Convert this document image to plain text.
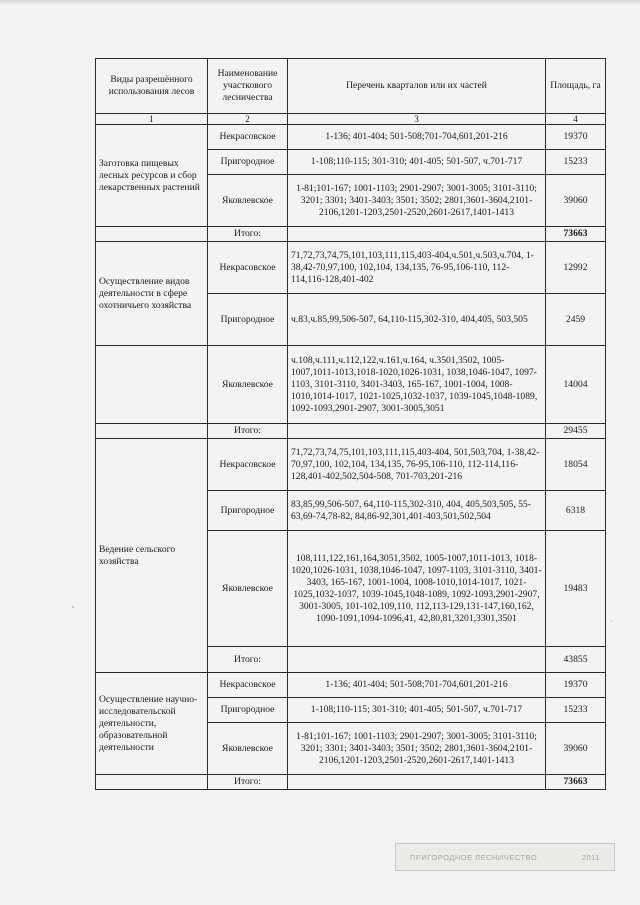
Виды разрешённого использования лесов	Наименование участкового лесничества	Перечень кварталов или их частей	Площадь, га
1	2	3	4
Заготовка пищевых лесных ресурсов и сбор лекарственных растений	Некрасовское	1-136; 401-404; 501-508;701-704,601,201-216	19370
	Пригородное	1-108;110-115; 301-310; 401-405; 501-507, ч.701-717	15233
	Яковлевское	1-81;101-167; 1001-1103; 2901-2907; 3001-3005; 3101-3110; 3201; 3301; 3401-3403; 3501; 3502; 2801,3601-3604,2101-2106,1201-1203,2501-2520,2601-2617,1401-1413	39060
	Итого:		73663
Осуществление видов деятельности в сфере охотничьего хозяйства	Некрасовское	71,72,73,74,75,101,103,111,115,403-404,ч.501,ч.503,ч.704, 1-38,42-70,97,100, 102,104, 134,135, 76-95,106-110, 112-114,116-128,401-402	12992
	Пригородное	ч.83,ч.85,99,506-507, 64,110-115,302-310, 404,405, 503,505	2459
	Яковлевское	ч.108,ч.111,ч.112,122,ч.161,ч.164, ч.3501,3502, 1005-1007,1011-1013,1018-1020,1026-1031, 1038,1046-1047, 1097-1103, 3101-3110, 3401-3403, 165-167, 1001-1004, 1008-1010,1014-1017, 1021-1025,1032-1037, 1039-1045,1048-1089, 1092-1093,2901-2907, 3001-3005,3051	14004
	Итого:		29455
Ведение сельского хозяйства	Некрасовское	71,72,73,74,75,101,103,111,115,403-404, 501,503,704, 1-38,42-70,97,100, 102,104, 134,135, 76-95,106-110, 112-114,116-128,401-402,502,504-508, 701-703,201-216	18054
	Пригородное	83,85,99,506-507, 64,110-115,302-310, 404, 405,503,505, 55-63,69-74,78-82, 84,86-92,301,401-403,501,502,504	6318
	Яковлевское	108,111,122,161,164,3051,3502, 1005-1007,1011-1013, 1018-1020,1026-1031, 1038,1046-1047, 1097-1103, 3101-3110, 3401-3403, 165-167, 1001-1004, 1008-1010,1014-1017, 1021-1025,1032-1037, 1039-1045,1048-1089, 1092-1093,2901-2907, 3001-3005, 101-102,109,110, 112,113-129,131-147,160,162, 1090-1091,1094-1096,41, 42,80,81,3201,3301,3501	19483
	Итого:		43855
Осуществление научно-исследовательской деятельности, образовательной деятельности	Некрасовское	1-136; 401-404; 501-508;701-704,601,201-216	19370
	Пригородное	1-108;110-115; 301-310; 401-405; 501-507, ч.701-717	15233
	Яковлевское	1-81;101-167; 1001-1103; 2901-2907; 3001-3005; 3101-3110; 3201; 3301; 3401-3403; 3501; 3502; 2801,3601-3604,2101-2106,1201-1203,2501-2520,2601-2617,1401-1413	39060
	Итого:		73663
ПРИГОРОДНОЕ ЛЕСНИЧЕСТВО	2011
